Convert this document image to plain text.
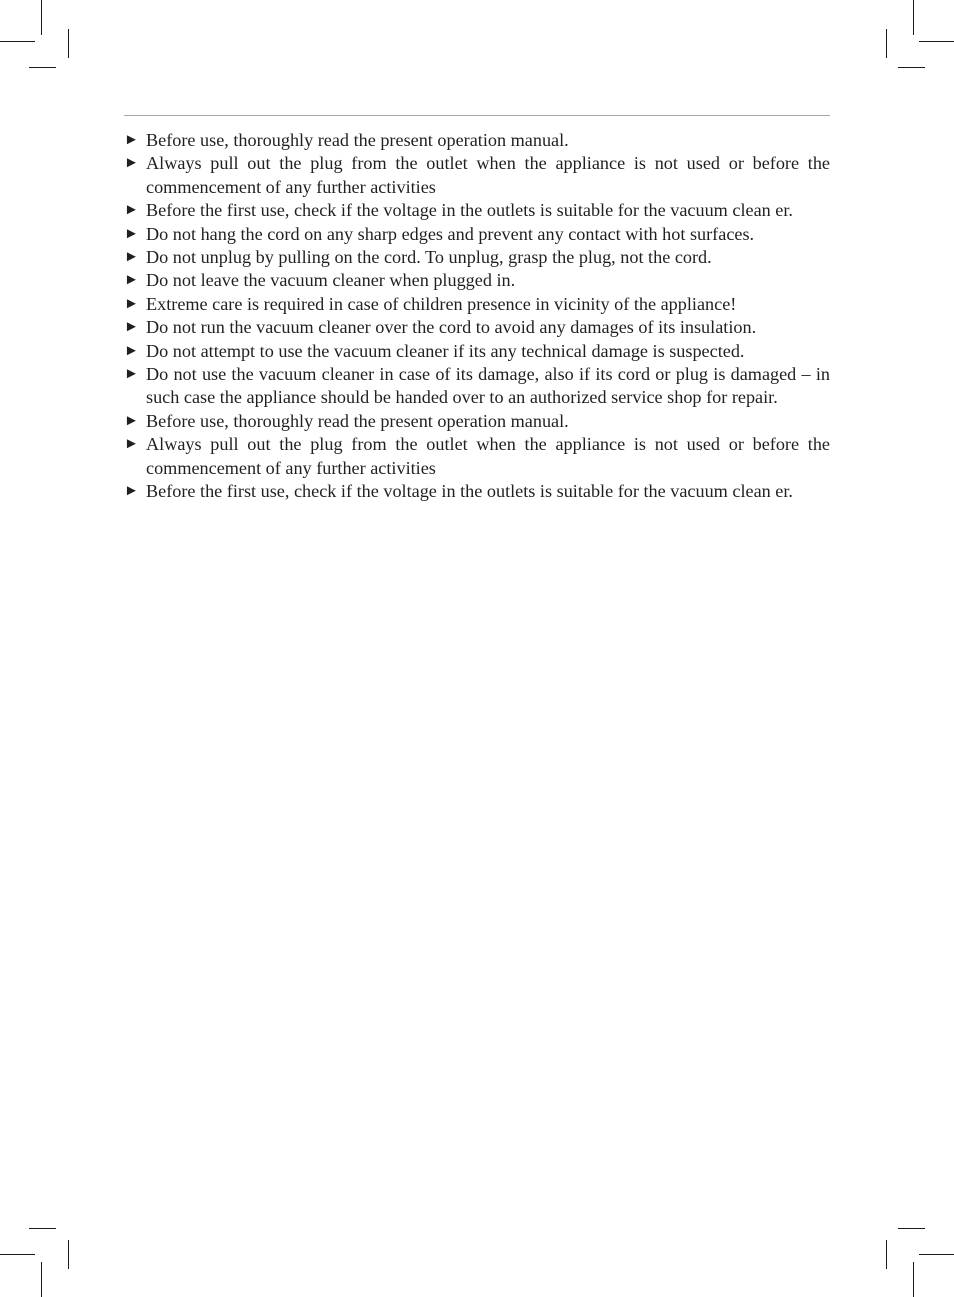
► Before use, thoroughly read the present operation manual.
► Always pull out the plug from the outlet when the appliance is not used or before the commencement of any further activities
► Before the first use, check if the voltage in the outlets is suitable for the vacuum clean er.
► Do not hang the cord on any sharp edges and prevent any contact with hot surfaces.
► Do not unplug by pulling on the cord. To unplug, grasp the plug, not the cord.
► Do not leave the vacuum cleaner when plugged in.
► Extreme care is required in case of children presence in vicinity of the appliance!
► Do not run the vacuum cleaner over the cord to avoid any damages of its insulation.
► Do not attempt to use the vacuum cleaner if its any technical damage is suspected.
► Do not use the vacuum cleaner in case of its damage, also if its cord or plug is damaged – in such case the appliance should be handed over to an authorized service shop for repair.
► Before use, thoroughly read the present operation manual.
► Always pull out the plug from the outlet when the appliance is not used or before the commencement of any further activities
► Before the first use, check if the voltage in the outlets is suitable for the vacuum clean er.
